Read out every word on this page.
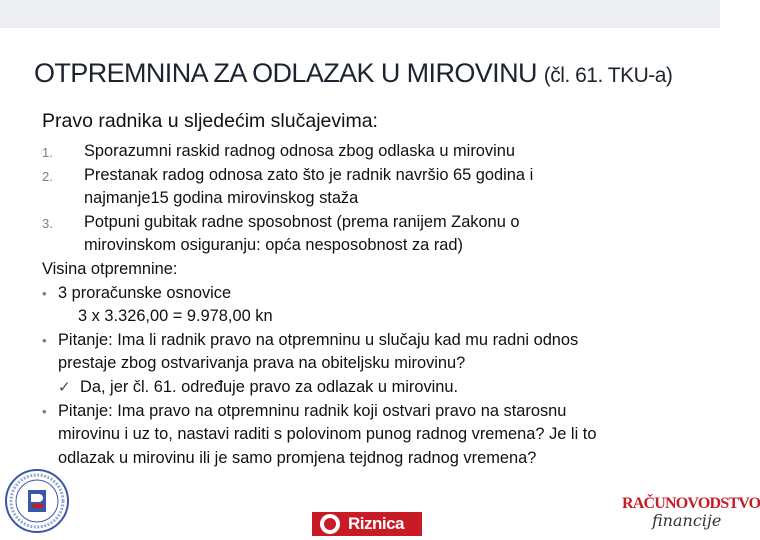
OTPREMNINA ZA ODLAZAK U MIROVINU (čl. 61. TKU-a)
Pravo radnika u sljedećim slučajevima:
1. Sporazumni raskid radnog odnosa zbog odlaska u mirovinu
2. Prestanak radog odnosa zato što je radnik navršio 65 godina i
najmanje15 godina mirovinskog staža
3. Potpuni gubitak radne sposobnost (prema ranijem Zakonu o
mirovinskom osiguranju: opća nesposobnost za rad)
Visina otpremnine:
• 3 proračunske osnovice
3 x 3.326,00 = 9.978,00 kn
• Pitanje: Ima li radnik pravo na otpremninu u slučaju kad mu radni odnos
prestaje zbog ostvarivanja prava na obiteljsku mirovinu?
✓ Da, jer čl. 61. određuje pravo za odlazak u mirovinu.
• Pitanje: Ima pravo na otpremninu radnik koji ostvari pravo na starosnu
mirovinu i uz to, nastavi raditi s polovinom punog radnog vremena? Je li to
odlazak u mirovinu ili je samo promjena tejdnog radnog vremena?
Riznica
RAČUNOVODSTVO
financije
